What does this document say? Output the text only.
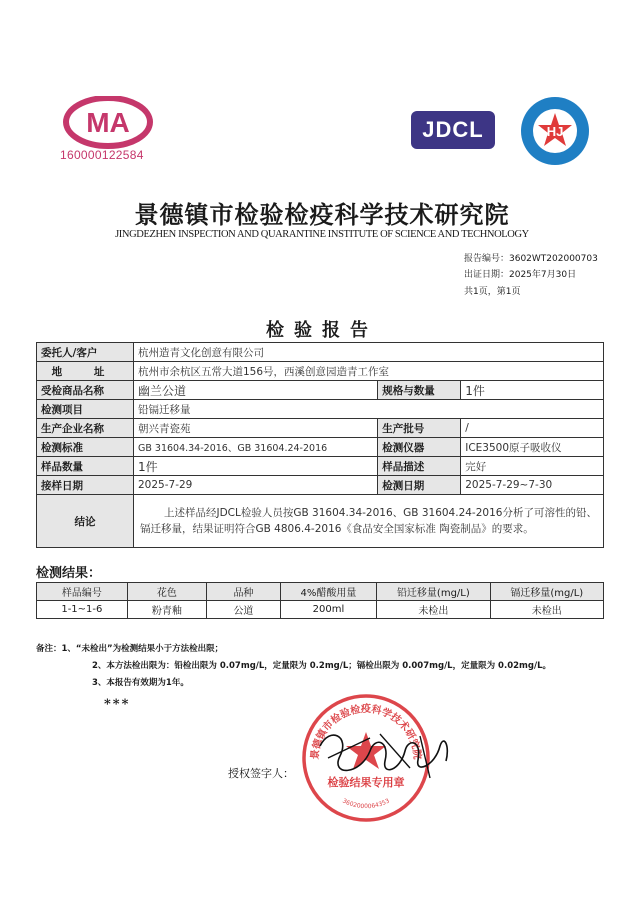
MA
160000122584
JDCL	HJ
景德镇市检验检疫科学技术研究院
JINGDEZHEN INSPECTION AND QUARANTINE INSTITUTE OF SCIENCE AND TECHNOLOGY
报告编号：3602WT202000703
出证日期：2025年7月30日
共1页，第1页
检验报告
委托人/客户	杭州造青文化创意有限公司		
地 址	杭州市余杭区五常大道156号，西溪创意园造青工作室		
受检商品名称	幽兰公道	规格与数量	1件
检测项目	铅镉迁移量		
生产企业名称	朝兴青瓷苑	生产批号	/
检测标准	GB 31604.34-2016、GB 31604.24-2016	检测仪器	ICE3500原子吸收仪
样品数量	1件	样品描述	完好
接样日期	2025-7-29	检测日期	2025-7-29~7-30
结论	上述样品经JDCL检验人员按GB 31604.34-2016、GB 31604.24-2016分析了可溶性的铅、镉迁移量，结果证明符合GB 4806.4-2016《食品安全国家标准 陶瓷制品》的要求。		
检测结果：
样品编号	花色	品种	4%醋酸用量	铅迁移量(mg/L)	镉迁移量(mg/L)
1-1~1-6	粉青釉	公道	200ml	未检出	未检出
备注：1、“未检出”为检测结果小于方法检出限；
2、本方法检出限为：铅检出限为 0.07mg/L，定量限为 0.2mg/L；镉检出限为 0.007mg/L，定量限为 0.02mg/L。
3、本报告有效期为1年。
***
授权签字人：
景德镇市检验检疫科学技术研究院
检验结果专用章
3602000064353
